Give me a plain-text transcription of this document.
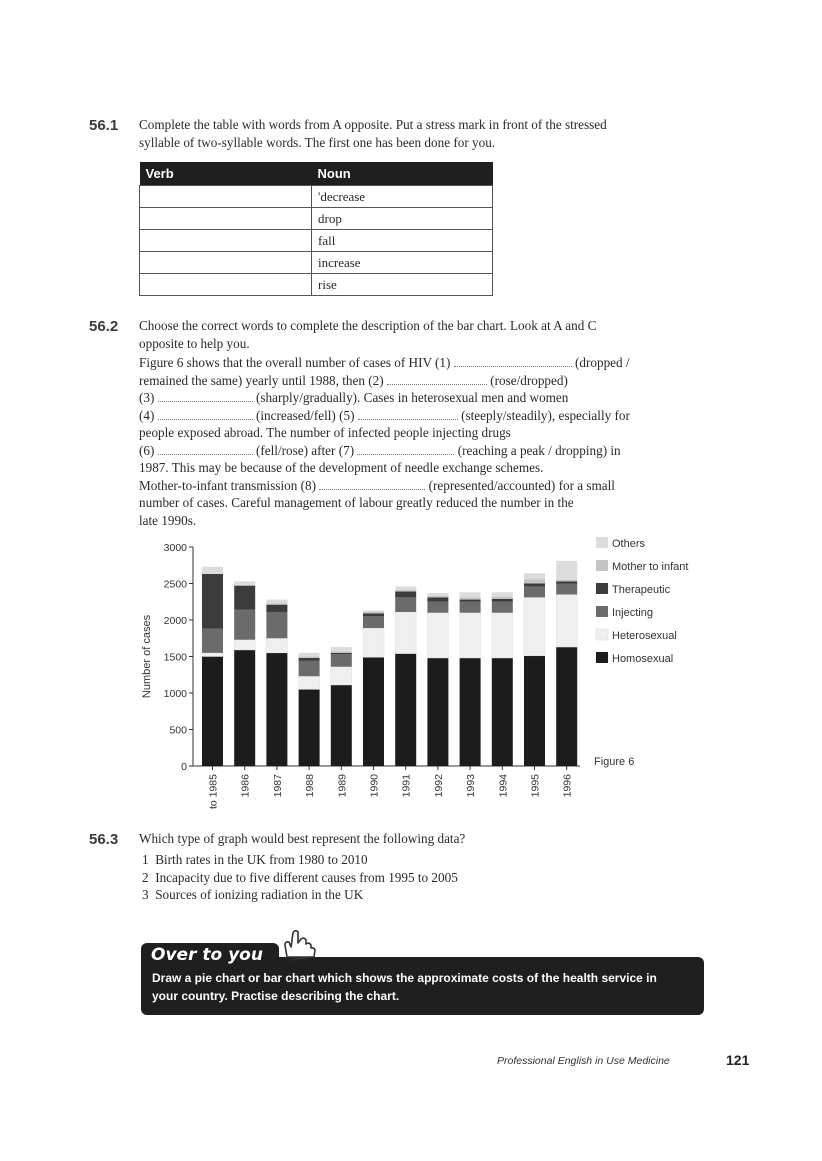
56.1 Complete the table with words from A opposite. Put a stress mark in front of the stressed
syllable of two-syllable words. The first one has been done for you.
Verb	Noun
	'decrease
	drop
	fall
	increase
	rise
56.2 Choose the correct words to complete the description of the bar chart. Look at A and C
opposite to help you.
Figure 6 shows that the overall number of cases of HIV (1)	(dropped /
remained the same) yearly until 1988, then (2)	(rose/dropped)
(3)	(sharply/gradually). Cases in heterosexual men and women
(4)	(increased/fell) (5)	(steeply/steadily), especially for
people exposed abroad. The number of infected people injecting drugs
(6)	(fell/rose) after (7)	(reaching a peak / dropping) in
1987. This may be because of the development of needle exchange schemes.
Mother-to-infant transmission (8)	(represented/accounted) for a small
number of cases. Careful management of labour greatly reduced the number in the
late 1990s.
0
500
1000
1500
2000
2500
3000
Number of cases
to 1985 1986 1987 1988 1989 1990 1991 1992 1993 1994 1995 1996
Others
Mother to infant
Therapeutic
Injecting
Heterosexual
Homosexual
Figure 6
56.3 Which type of graph would best represent the following data?
1 Birth rates in the UK from 1980 to 2010
2 Incapacity due to five different causes from 1995 to 2005
3 Sources of ionizing radiation in the UK
Draw a pie chart or bar chart which shows the approximate costs of the health service in
your country. Practise describing the chart.
Over to you
Professional English in Use Medicine	121
